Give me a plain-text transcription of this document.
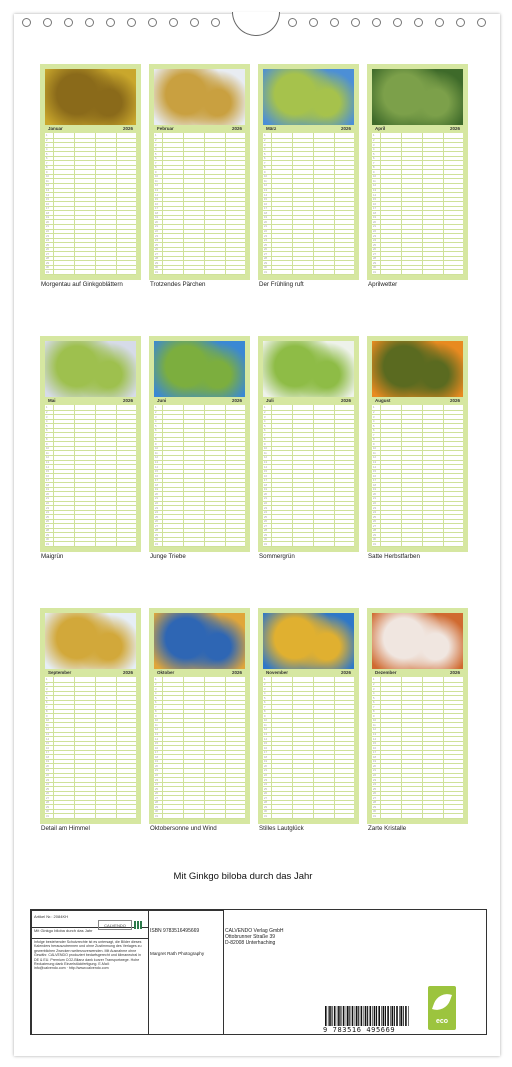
Januar	2026
1
2
3
4
5
6
7
8
9
10
11
12
13
14
15
16
17
18
19
20
21
22
23
24
25
26
27
28
29
30
31
Morgentau auf Ginkgoblättern
Februar	2026
1
2
3
4
5
6
7
8
9
10
11
12
13
14
15
16
17
18
19
20
21
22
23
24
25
26
27
28
29
30
31
Trotzendes Pärchen
März	2026
1
2
3
4
5
6
7
8
9
10
11
12
13
14
15
16
17
18
19
20
21
22
23
24
25
26
27
28
29
30
31
Der Frühling ruft
April	2026
1
2
3
4
5
6
7
8
9
10
11
12
13
14
15
16
17
18
19
20
21
22
23
24
25
26
27
28
29
30
31
Aprilwetter
Mai	2026
1
2
3
4
5
6
7
8
9
10
11
12
13
14
15
16
17
18
19
20
21
22
23
24
25
26
27
28
29
30
31
Maigrün
Juni	2026
1
2
3
4
5
6
7
8
9
10
11
12
13
14
15
16
17
18
19
20
21
22
23
24
25
26
27
28
29
30
31
Junge Triebe
Juli	2026
1
2
3
4
5
6
7
8
9
10
11
12
13
14
15
16
17
18
19
20
21
22
23
24
25
26
27
28
29
30
31
Sommergrün
August	2026
1
2
3
4
5
6
7
8
9
10
11
12
13
14
15
16
17
18
19
20
21
22
23
24
25
26
27
28
29
30
31
Satte Herbstfarben
September	2026
1
2
3
4
5
6
7
8
9
10
11
12
13
14
15
16
17
18
19
20
21
22
23
24
25
26
27
28
29
30
31
Detail am Himmel
Oktober	2026
1
2
3
4
5
6
7
8
9
10
11
12
13
14
15
16
17
18
19
20
21
22
23
24
25
26
27
28
29
30
31
Oktobersonne und Wind
November	2026
1
2
3
4
5
6
7
8
9
10
11
12
13
14
15
16
17
18
19
20
21
22
23
24
25
26
27
28
29
30
31
Stilles Lautglück
Dezember	2026
1
2
3
4
5
6
7
8
9
10
11
12
13
14
15
16
17
18
19
20
21
22
23
24
25
26
27
28
29
30
31
Zarte Kristalle
Mit Ginkgo biloba durch das Jahr
Artikel Nr.: 2084KH
CALVENDO
Mit Ginkgo biloba durch das Jahr
Infolge bestehender Schutzrechte ist es untersagt, die Bilder dieses Kalenders herauszutrennen und ohne Zustimmung des Verlages zu gewerblichen Zwecken weiterzuverwenden. Mit Ausnahme ohne Gewähr. CALVENDO produziert bedarfsgerecht und klimaneutral in DE & EU. Premium CO2-Bilanz dank kurzer Transportwege. Hohe Reduzierung dank Einzelstückfertigung. E-Mail: info@calvendo.com · http://www.calvendo.com
ISBN 9783516495669
Margret Rath Photography
CALVENDO Verlag GmbH
Ottobrunner Straße 39
D-82008 Unterhaching
9 783516 495669
eco
